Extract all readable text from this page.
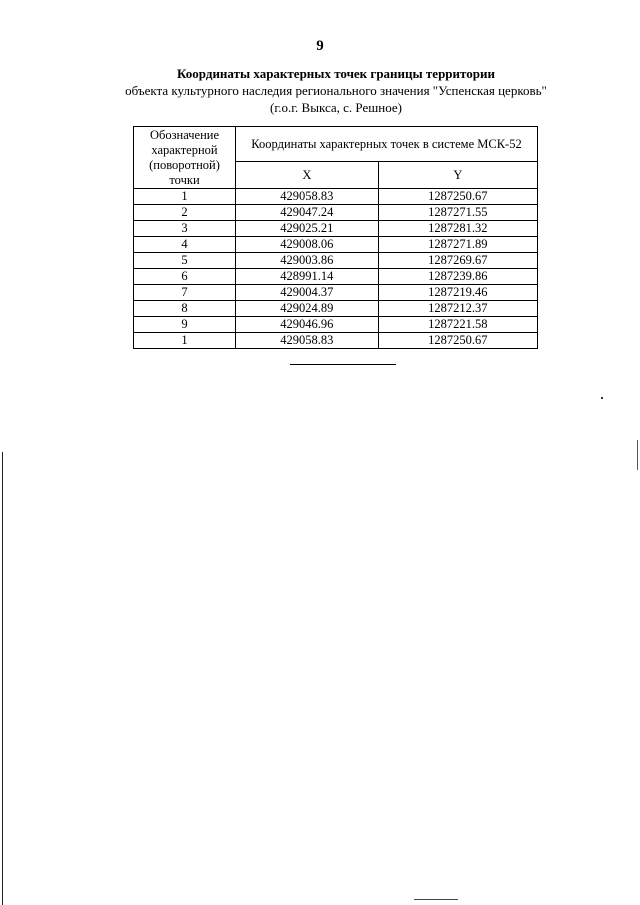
9
Координаты характерных точек границы территории
объекта культурного наследия регионального значения "Успенская церковь"
(г.о.г. Выкса, с. Решное)
Обозначение характерной (поворотной) точки	Координаты характерных точек в системе МСК-52	
	X	Y
1	429058.83	1287250.67
2	429047.24	1287271.55
3	429025.21	1287281.32
4	429008.06	1287271.89
5	429003.86	1287269.67
6	428991.14	1287239.86
7	429004.37	1287219.46
8	429024.89	1287212.37
9	429046.96	1287221.58
1	429058.83	1287250.67
